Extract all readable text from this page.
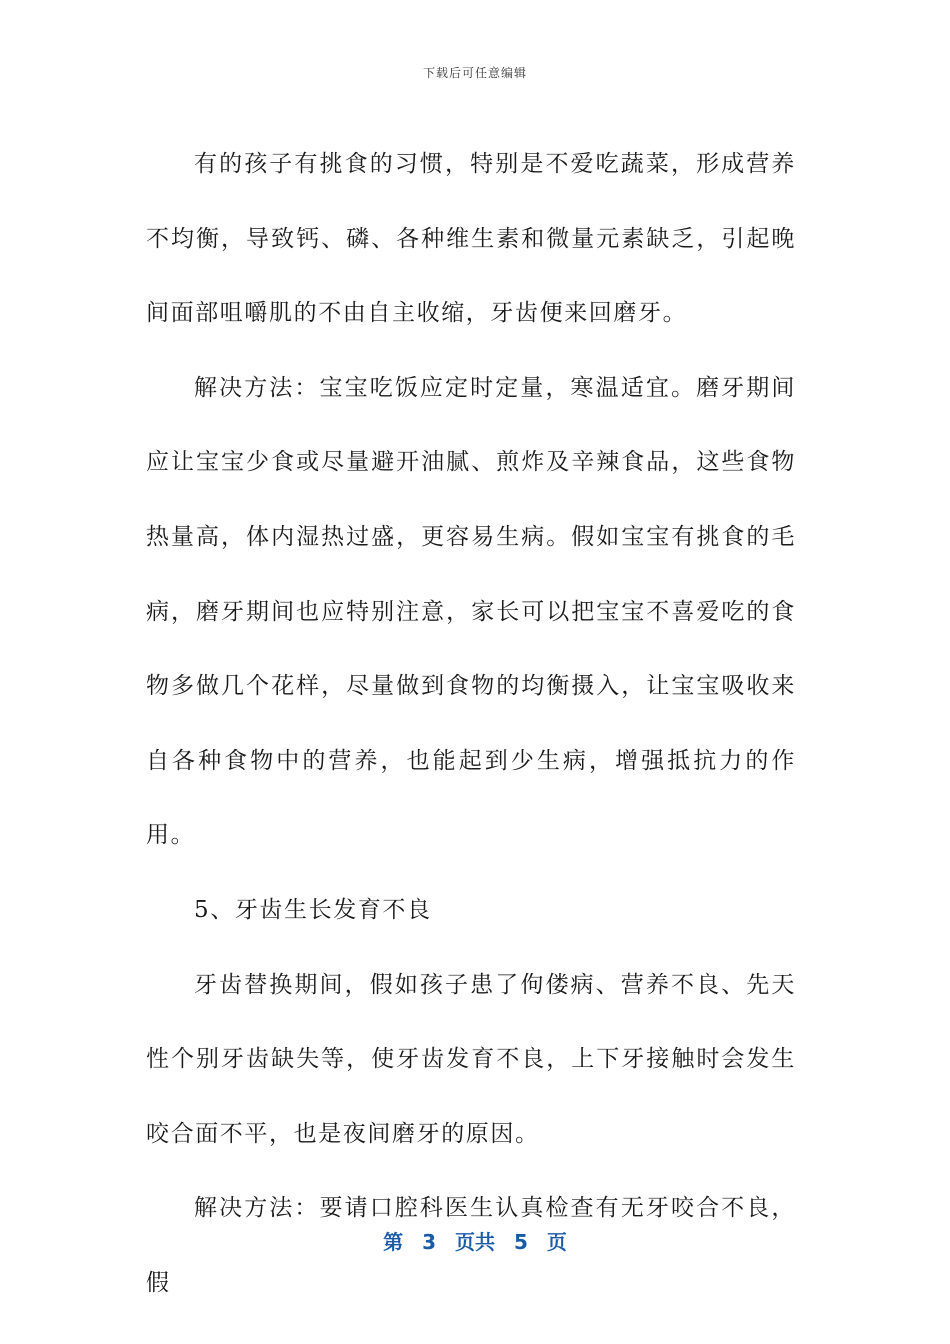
下载后可任意编辑

有的孩子有挑食的习惯，特别是不爱吃蔬菜，形成营养不均衡，导致钙、磷、各种维生素和微量元素缺乏，引起晚间面部咀嚼肌的不由自主收缩，牙齿便来回磨牙。

解决方法：宝宝吃饭应定时定量，寒温适宜。磨牙期间应让宝宝少食或尽量避开油腻、煎炸及辛辣食品，这些食物热量高，体内湿热过盛，更容易生病。假如宝宝有挑食的毛病，磨牙期间也应特别注意，家长可以把宝宝不喜爱吃的食物多做几个花样，尽量做到食物的均衡摄入，让宝宝吸收来自各种食物中的营养，也能起到少生病，增强抵抗力的作用。

5、牙齿生长发育不良

牙齿替换期间，假如孩子患了佝偻病、营养不良、先天性个别牙齿缺失等，使牙齿发育不良，上下牙接触时会发生咬合面不平，也是夜间磨牙的原因。

解决方法：要请口腔科医生认真检查有无牙咬合不良，假

第 3 页共 5 页
